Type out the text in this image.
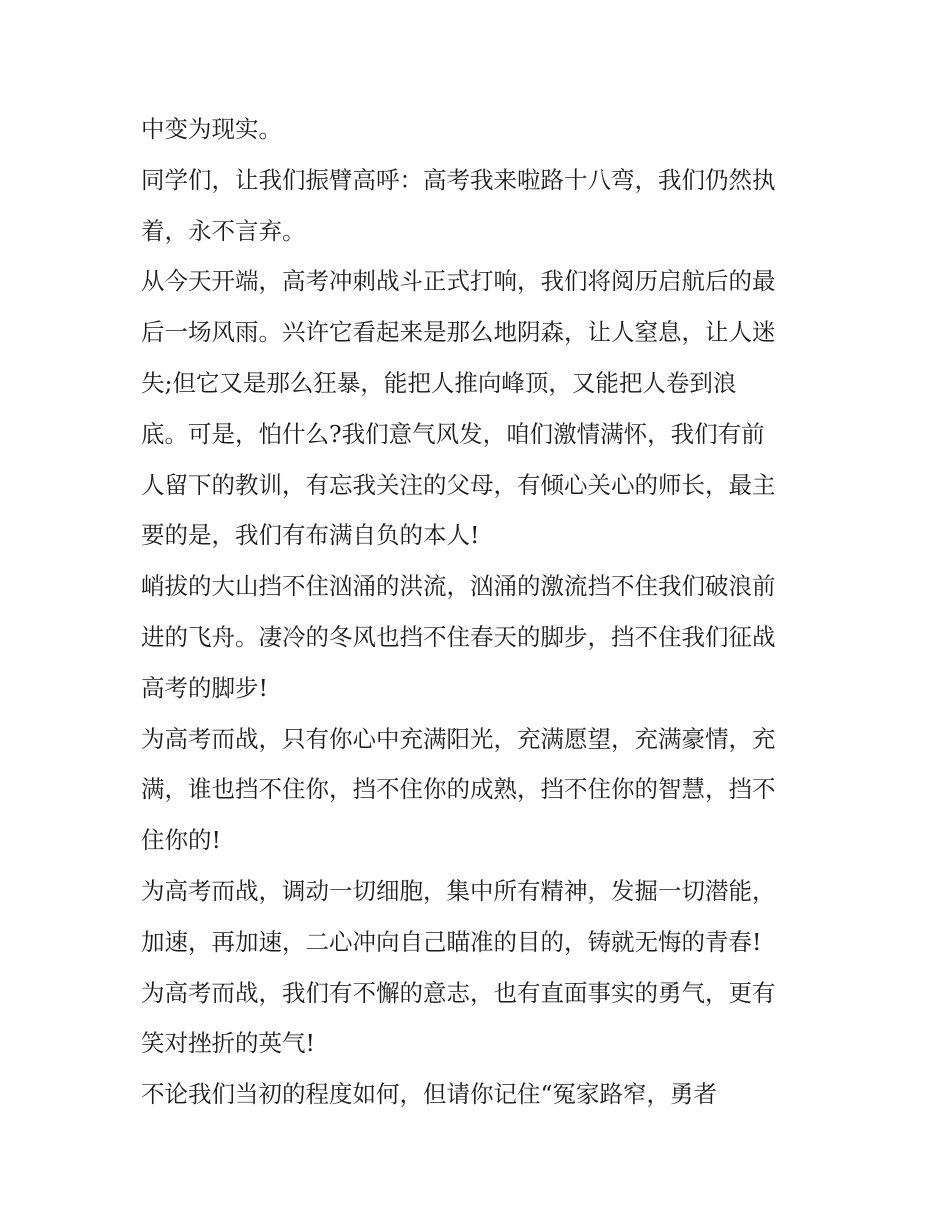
中变为现实。
同学们，让我们振臂高呼：高考我来啦路十八弯，我们仍然执
着，永不言弃。
从今天开端，高考冲刺战斗正式打响，我们将阅历启航后的最
后一场风雨。兴许它看起来是那么地阴森，让人窒息，让人迷
失;但它又是那么狂暴，能把人推向峰顶，又能把人卷到浪
底。可是，怕什么?我们意气风发，咱们激情满怀，我们有前
人留下的教训，有忘我关注的父母，有倾心关心的师长，最主
要的是，我们有布满自负的本人!
峭拔的大山挡不住汹涌的洪流，汹涌的激流挡不住我们破浪前
进的飞舟。凄冷的冬风也挡不住春天的脚步，挡不住我们征战
高考的脚步!
为高考而战，只有你心中充满阳光，充满愿望，充满豪情，充
满，谁也挡不住你，挡不住你的成熟，挡不住你的智慧，挡不
住你的!
为高考而战，调动一切细胞，集中所有精神，发掘一切潜能，
加速，再加速，二心冲向自己瞄准的目的，铸就无悔的青春!
为高考而战，我们有不懈的意志，也有直面事实的勇气，更有
笑对挫折的英气!
不论我们当初的程度如何，但请你记住“冤家路窄，勇者
